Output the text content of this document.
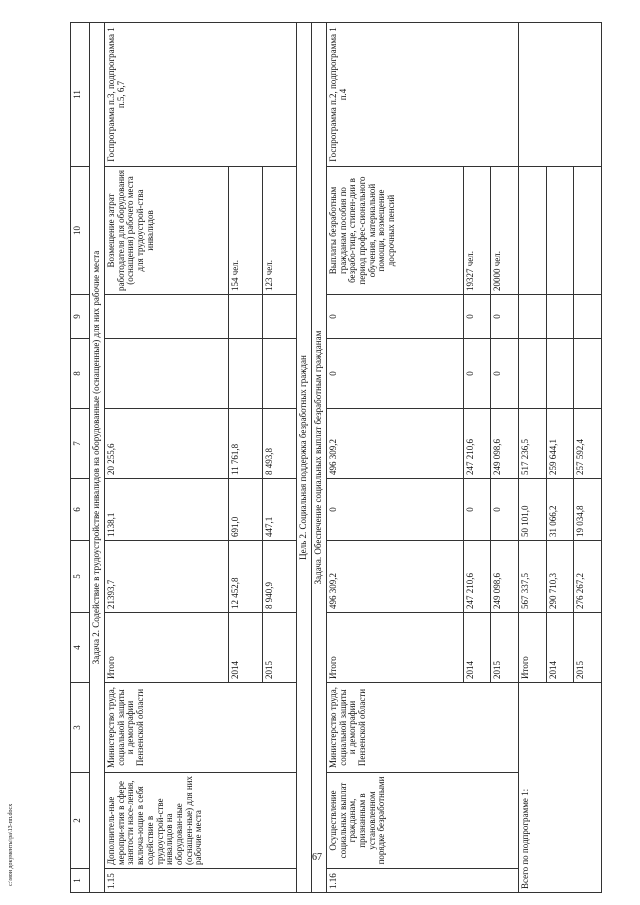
1	2	3	4	5	6	7	8	9	10	11
Задача 2. Содействие в трудоустройстве инвалидов на оборудованные (оснащенные) для них рабочие места										
1.15	Дополнитель-ные меропри-ятия в сфере занятости насе-ления, включа-ющие в себя содействие в трудоустрой-стве инвалидов на оборудован-ные (оснащен-ные) для них рабочие места	Министерство труда, социальной защиты и демографии Пензенской области	Итого	21393,7	1138,1	20 255,6			Возмещение затрат работодателя для оборудования (оснащения) рабочего места для трудоустрой-ства инвалидов	Госпрограмма п.3, подпрограмма 1 п.5, 6,7
			2014	12 452,8	691,0	11 761,8			154 чел.	
			2015	8 940,9	447,1	8 493,8			123 чел.	
Цель 2. Социальная поддержка безработных граждан										
Задача. Обеспечение социальных выплат безработным гражданам										
1.16	Осуществление социальных выплат гражданам, признанным в установленном порядке безработными	Министерство труда, социальной защиты и демографии Пензенской области	Итого	496 309,2	0	496 309,2	0	0	Выплаты безработным гражданам пособия по безрабо-тице, стипен-дии в период профес-сионального обучения, материальной помощи, возмещение досрочных пенсий	Госпрограмма п.2, подпрограмма 1 п.4
			2014	247 210,6	0	247 210,6	0	0	19327 чел.	
			2015	249 098,6	0	249 098,6	0	0	20000 чел.	
Всего по подпрограмме 1:			Итого	567 337,5	50 101,0	517 236,5				
			2014	290 710,3	31 066,2	259 644,1				
			2015	276 267,2	19 034,8	257 592,4				
67
c:\мои документы\ра\13-пп.docx
